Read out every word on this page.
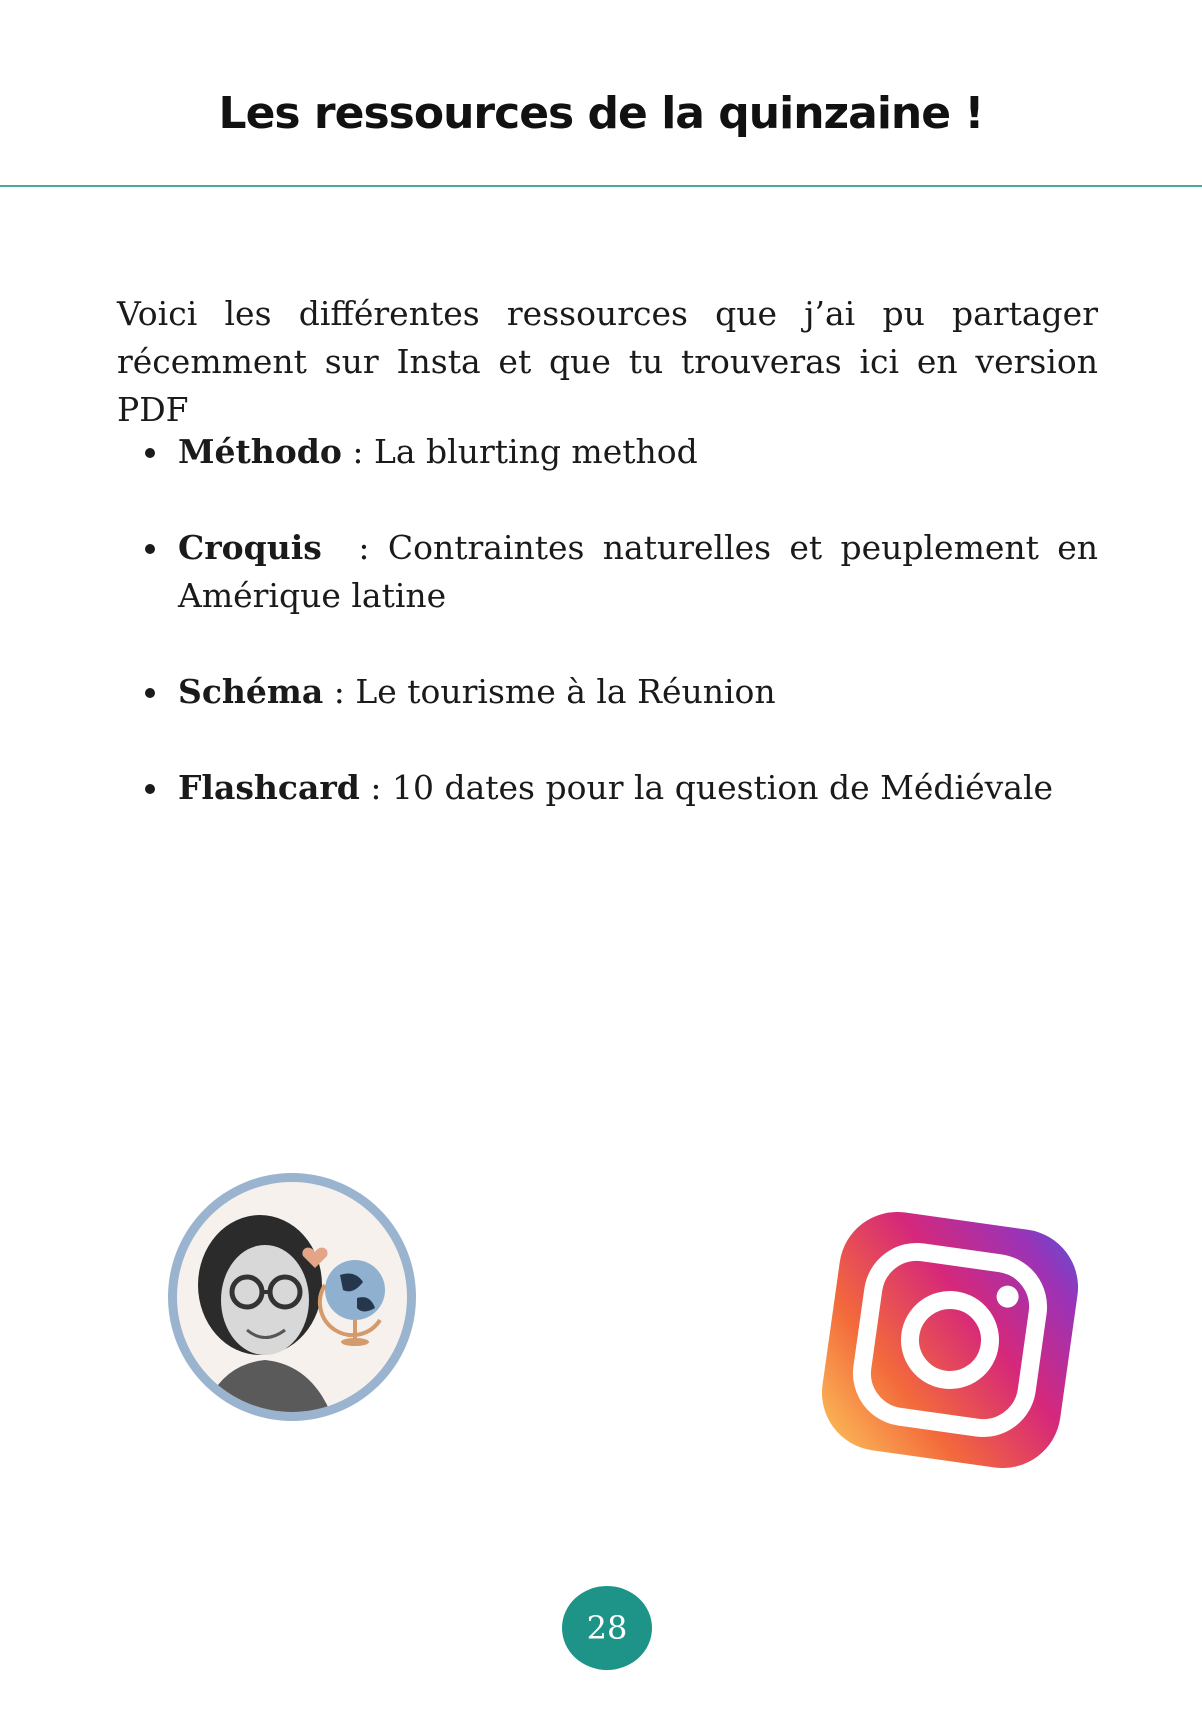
Les ressources de la quinzaine !

Voici les différentes ressources que j’ai pu partager récemment sur Insta et que tu trouveras ici en version PDF

Méthodo : La blurting method
Croquis  : Contraintes naturelles et peuplement en Amérique latine
Schéma : Le tourisme à la Réunion
Flashcard : 10 dates pour la question de Médiévale
28
